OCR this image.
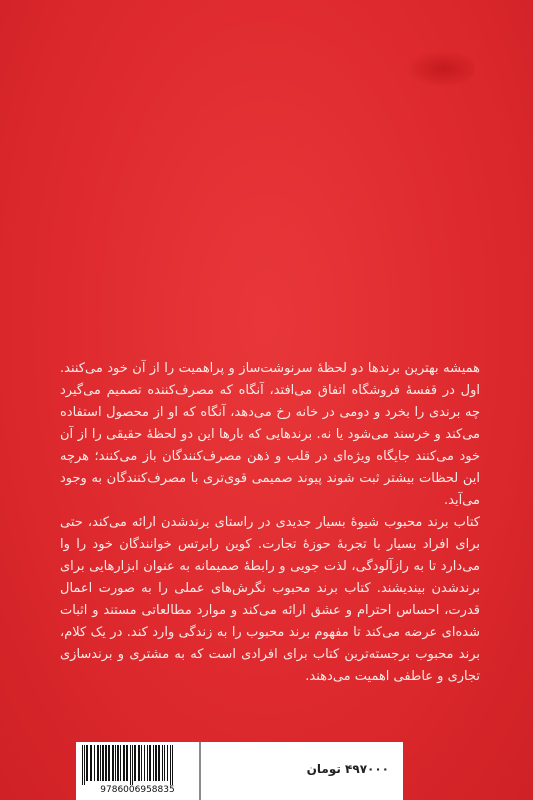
همیشه بهترین برندها دو لحظهٔ سرنوشت‌ساز و پراهمیت را از آن خود می‌کنند. اول در قفسهٔ فروشگاه اتفاق می‌افتد، آنگاه که مصرف‌کننده تصمیم می‌گیرد چه برندی را بخرد و دومی در خانه رخ می‌دهد، آنگاه که او از محصول استفاده می‌کند و خرسند می‌شود یا نه. برندهایی که بارها این دو لحظهٔ حقیقی را از آن خود می‌کنند جایگاه ویژه‌ای در قلب و ذهن مصرف‌کنندگان باز می‌کنند؛ هرچه این لحظات بیشتر ثبت شوند پیوند صمیمی قوی‌تری با مصرف‌کنندگان به وجود می‌آید.

کتاب برند محبوب شیوهٔ بسیار جدیدی در راستای برندشدن ارائه می‌کند، حتی برای افراد بسیار با تجربهٔ حوزهٔ تجارت. کوین رابرتس خوانندگان خود را وا می‌دارد تا به رازآلودگی، لذت جویی و رابطهٔ صمیمانه به عنوان ابزارهایی برای برندشدن بیندیشند. کتاب برند محبوب نگرش‌های عملی را به صورت اعمال قدرت، احساس احترام و عشق ارائه می‌کند و موارد مطالعاتی مستند و اثبات شده‌ای عرضه می‌کند تا مفهوم برند محبوب را به زندگی وارد کند. در یک کلام، برند محبوب برجسته‌ترین کتاب برای افرادی است که به مشتری و برندسازی تجاری و عاطفی اهمیت می‌دهند.

9786006958835
۴۹۷۰۰۰ تومان
